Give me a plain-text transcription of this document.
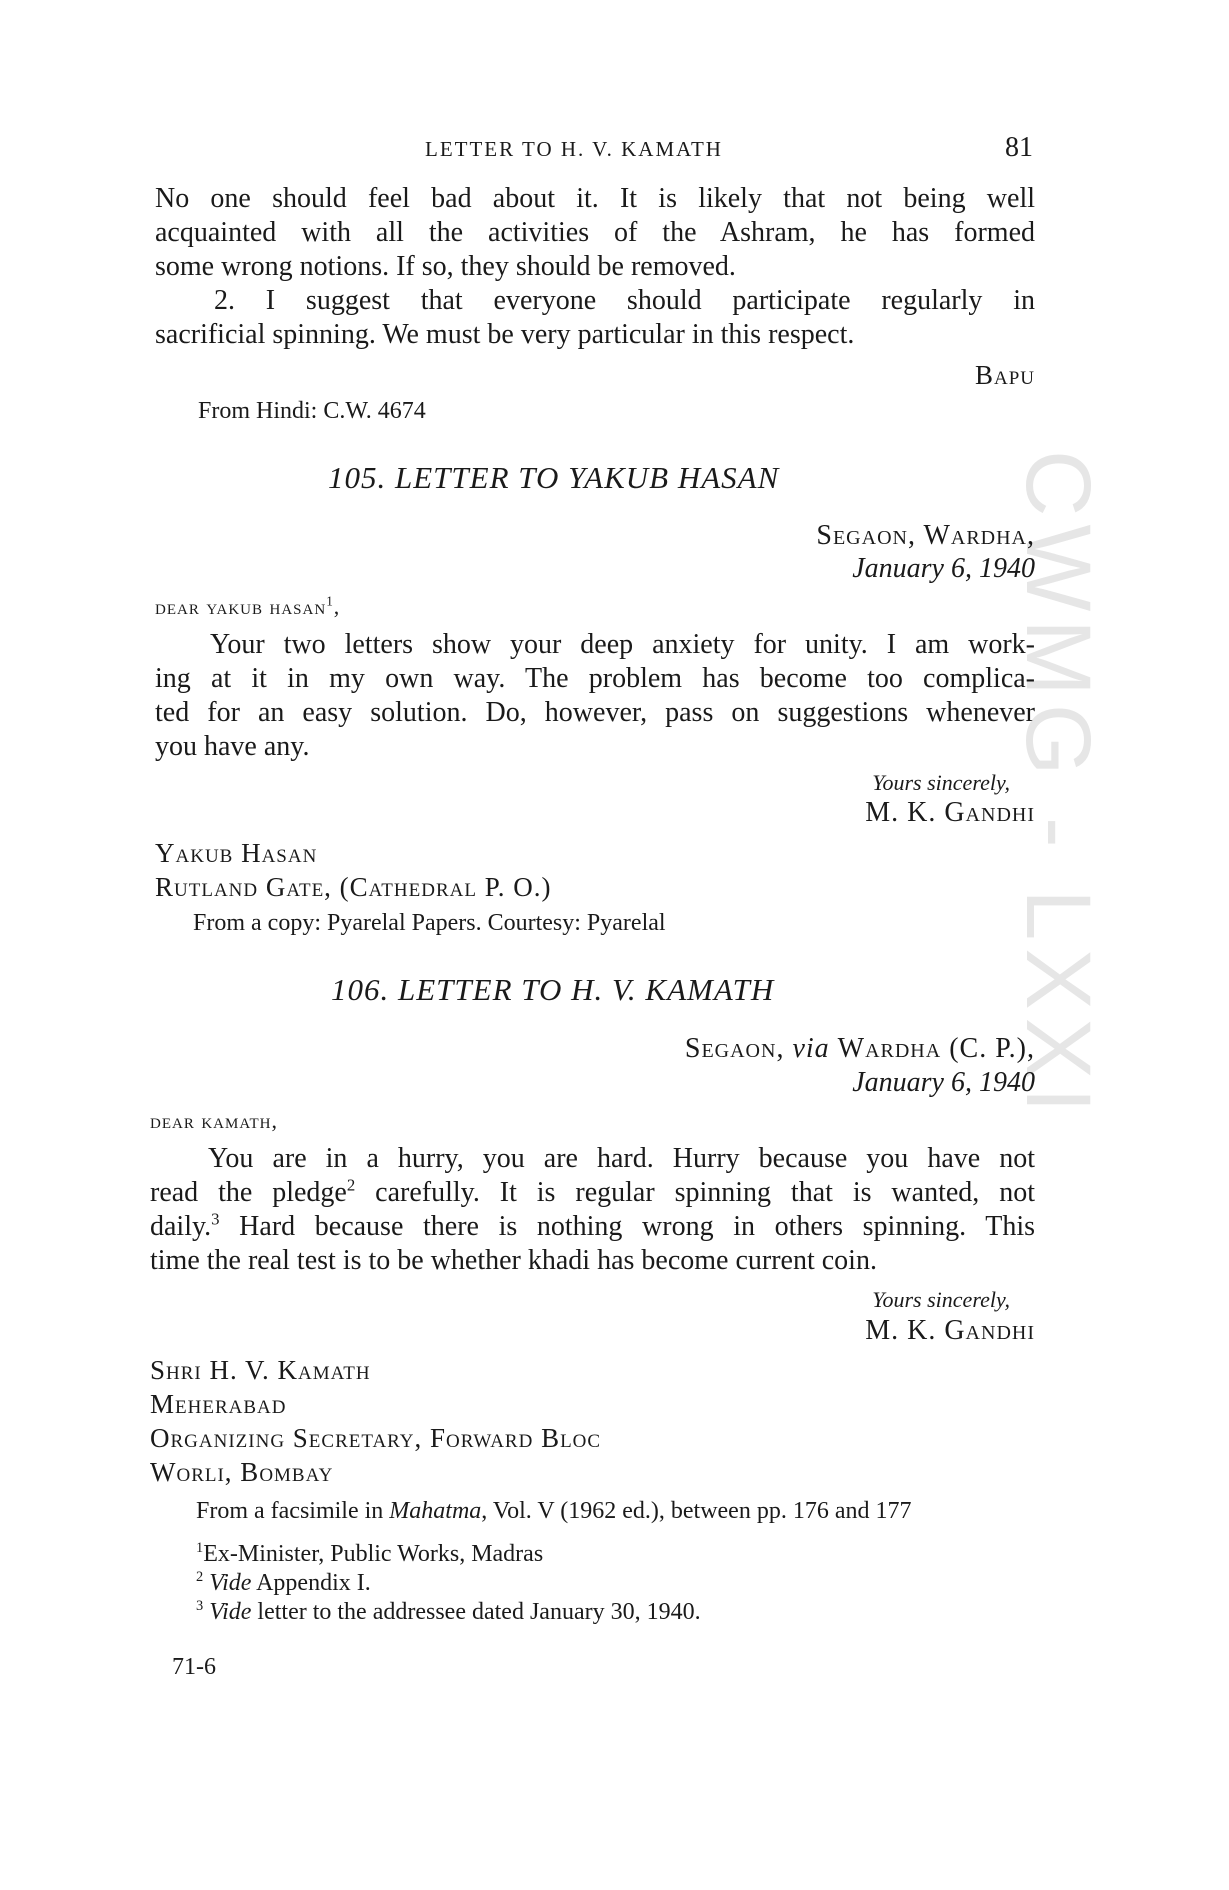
CWMG - LXXI
LETTER TO H. V. KAMATH	81
No one should feel bad about it. It is likely that not being well
acquainted with all the activities of the Ashram, he has formed
some wrong notions. If so, they should be removed.
2. I suggest that everyone should participate regularly in
sacrificial spinning. We must be very particular in this respect.
Bapu
From Hindi: C.W. 4674
105. LETTER TO YAKUB HASAN
Segaon, Wardha,
January 6, 1940
dear yakub hasan$^1$,
Your two letters show your deep anxiety for unity. I am work-
ing at it in my own way. The problem has become too complica-
ted for an easy solution. Do, however, pass on suggestions whenever
you have any.
Yours sincerely,
M. K. Gandhi
Yakub Hasan
Rutland Gate, (Cathedral P. O.)
From a copy: Pyarelal Papers. Courtesy: Pyarelal
106. LETTER TO H. V. KAMATH
Segaon, via Wardha (C. P.),
January 6, 1940
dear kamath,
You are in a hurry, you are hard. Hurry because you have not
read the pledge$^2$ carefully. It is regular spinning that is wanted, not
daily.$^3$ Hard because there is nothing wrong in others spinning. This
time the real test is to be whether khadi has become current coin.
Yours sincerely,
M. K. Gandhi
Shri H. V. Kamath
Meherabad
Organizing Secretary, Forward Bloc
Worli, Bombay
From a facsimile in Mahatma, Vol. V (1962 ed.), between pp. 176 and 177
$^1$Ex-Minister, Public Works, Madras
$^2$ Vide Appendix I.
$^3$ Vide letter to the addressee dated January 30, 1940.
71-6
